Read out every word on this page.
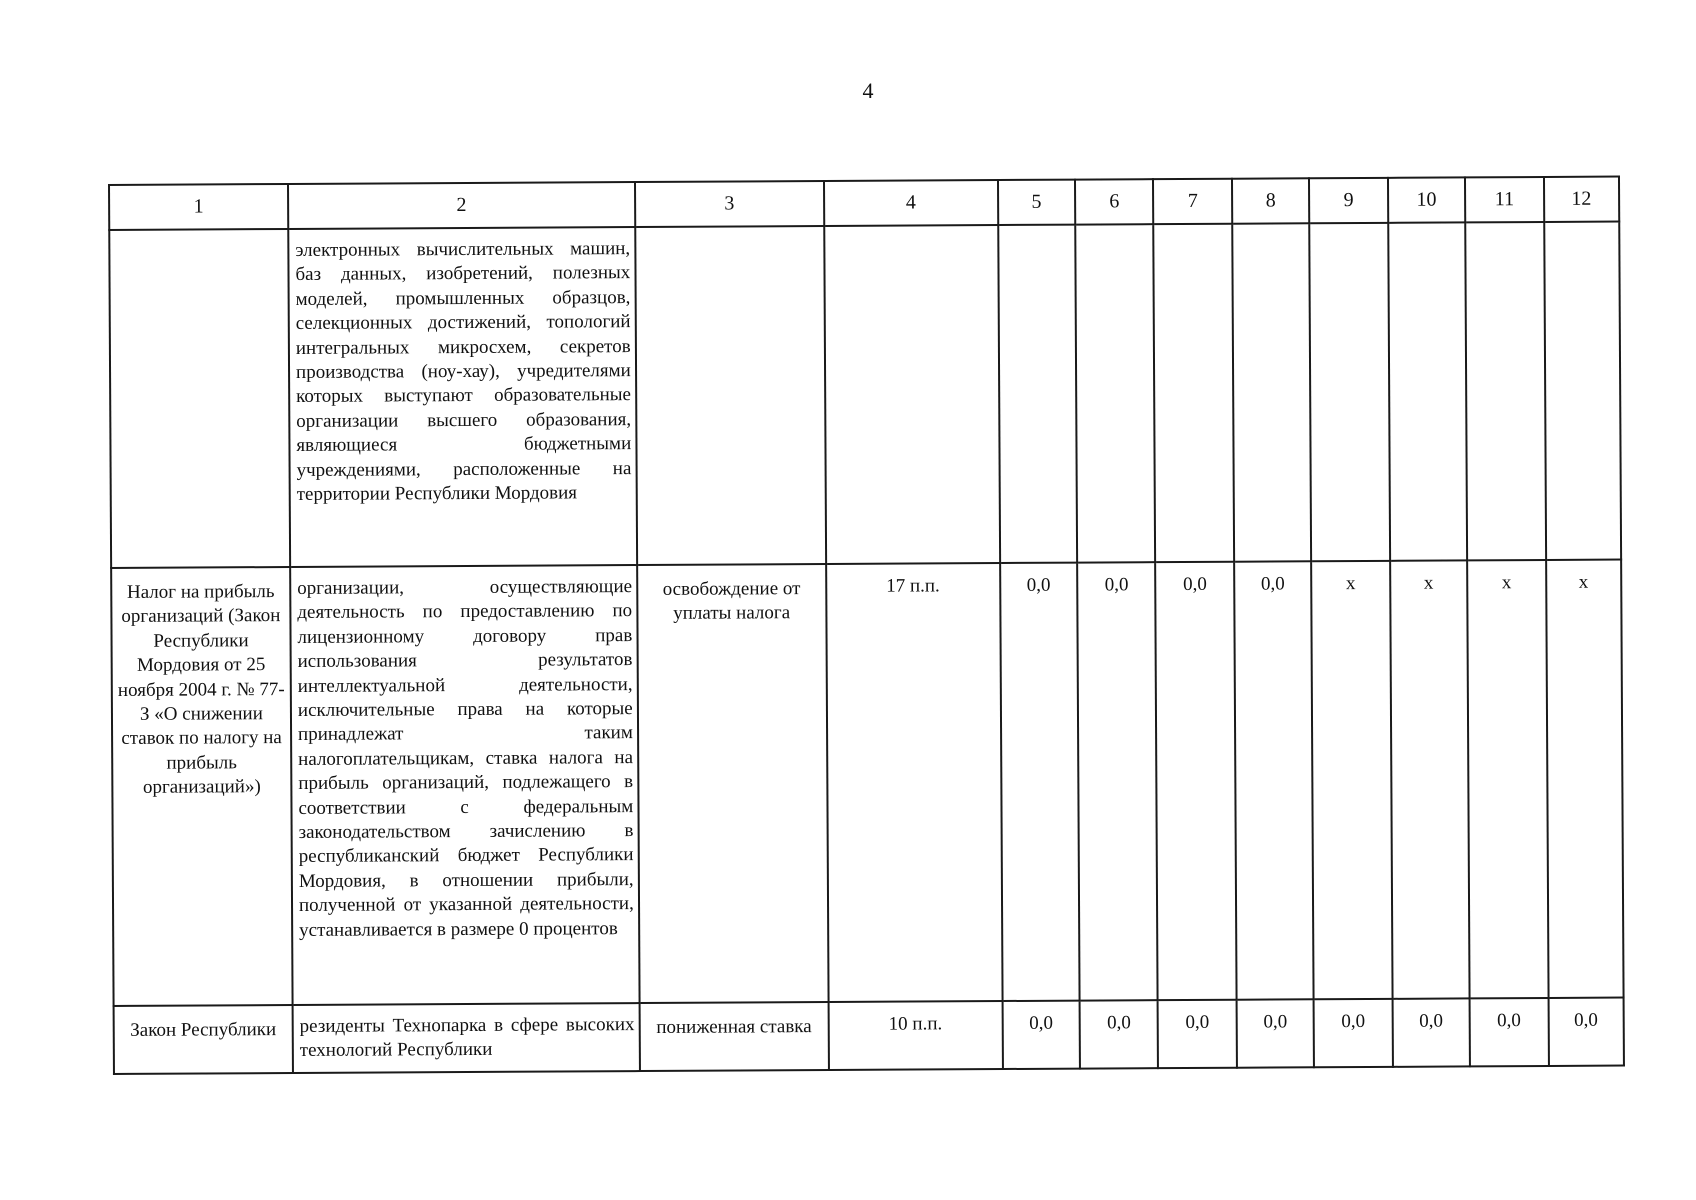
4
1	2	3	4	5	6	7	8	9	10	11	12

	электронных вычислительных машин, баз данных, изобретений, полезных моделей, промышленных образцов, селекционных достижений, топологий интегральных микросхем, секретов производства (ноу-хау), учредителями которых выступают образовательные организации высшего образования, являющиеся бюджетными учреждениями, расположенные на территории Республики Мордовия										

Налог на прибыль организаций (Закон Республики Мордовия от 25 ноября 2004 г. № 77-З «О снижении ставок по налогу на прибыль организаций»)	организации, осуществляющие деятельность по предоставлению по лицензионному договору прав использования результатов интеллектуальной деятельности, исключительные права на которые принадлежат таким налогоплательщикам, ставка налога на прибыль организаций, подлежащего в соответствии с федеральным законодательством зачислению в республиканский бюджет Республики Мордовия, в отношении прибыли, полученной от указанной деятельности, устанавливается в размере 0 процентов	освобождение от уплаты налога	17 п.п.	0,0	0,0	0,0	0,0	x	x	x	x

Закон Республики	резиденты Технопарка в сфере высоких технологий Республики	пониженная ставка	10 п.п.	0,0	0,0	0,0	0,0	0,0	0,0	0,0	0,0
